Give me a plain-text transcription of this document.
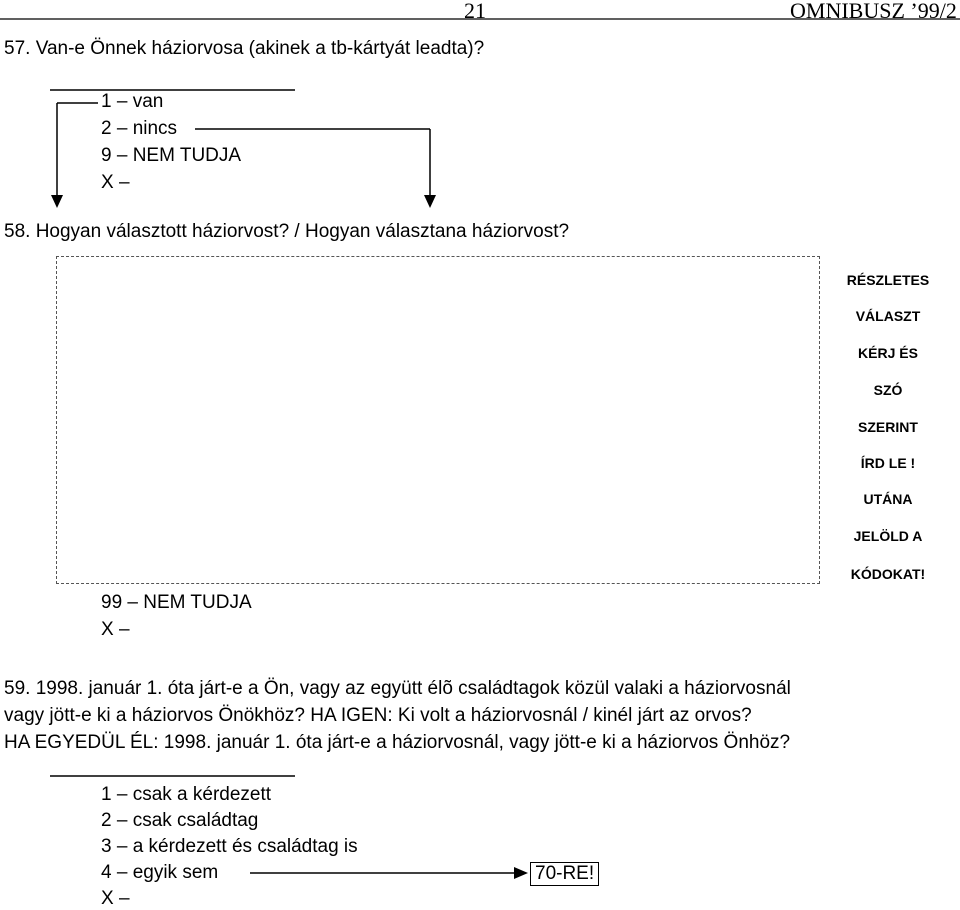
21	OMNIBUSZ ’99/2
57. Van-e Önnek háziorvosa (akinek a tb-kártyát leadta)?
1 – van
2 – nincs
9 – NEM TUDJA
X –
58. Hogyan választott háziorvost? / Hogyan választana háziorvost?
RÉSZLETES
VÁLASZT
KÉRJ ÉS
SZÓ
SZERINT
ÍRD LE !
UTÁNA
JELÖLD A
KÓDOKAT!
99 – NEM TUDJA
X –
59. 1998. január 1. óta járt-e a Ön, vagy az együtt élõ családtagok közül valaki a háziorvosnál
vagy jött-e ki a háziorvos Önökhöz? HA IGEN: Ki volt a háziorvosnál / kinél járt az orvos?
HA EGYEDÜL ÉL: 1998. január 1. óta járt-e a háziorvosnál, vagy jött-e ki a háziorvos Önhöz?
1 – csak a kérdezett
2 – csak családtag
3 – a kérdezett és családtag is
4 – egyik sem
X –
70-RE!
